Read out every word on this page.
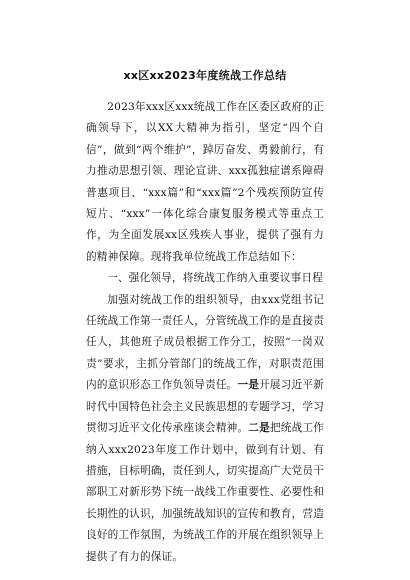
xx区xx2023年度统战工作总结

2023年xxx区xxx统战工作在区委区政府的正确领导下，以XX大精神为指引，坚定“四个自信”，做到“两个维护”，踔厉奋发、勇毅前行，有力推动思想引领、理论宣讲、xxx孤独症谱系障碍普惠项目、“xxx篇”和“xxx篇”2个残疾预防宣传短片、“xxx”一体化综合康复服务模式等重点工作，为全面发展xx区残疾人事业，提供了强有力的精神保障。现将我单位统战工作总结如下：

一、强化领导，将统战工作纳入重要议事日程

加强对统战工作的组织领导，由xxx党组书记任统战工作第一责任人，分管统战工作的是直接责任人，其他班子成员根据工作分工，按照“一岗双责”要求，主抓分管部门的统战工作，对职责范围内的意识形态工作负领导责任。一是开展习近平新时代中国特色社会主义民族思想的专题学习，学习贯彻习近平文化传承座谈会精神。二是把统战工作纳入xxx2023年度工作计划中，做到有计划、有措施，目标明确，责任到人，切实提高广大党员干部职工对新形势下统一战线工作重要性、必要性和长期性的认识，加强统战知识的宣传和教育，营造良好的工作氛围，为统战工作的开展在组织领导上提供了有力的保证。
